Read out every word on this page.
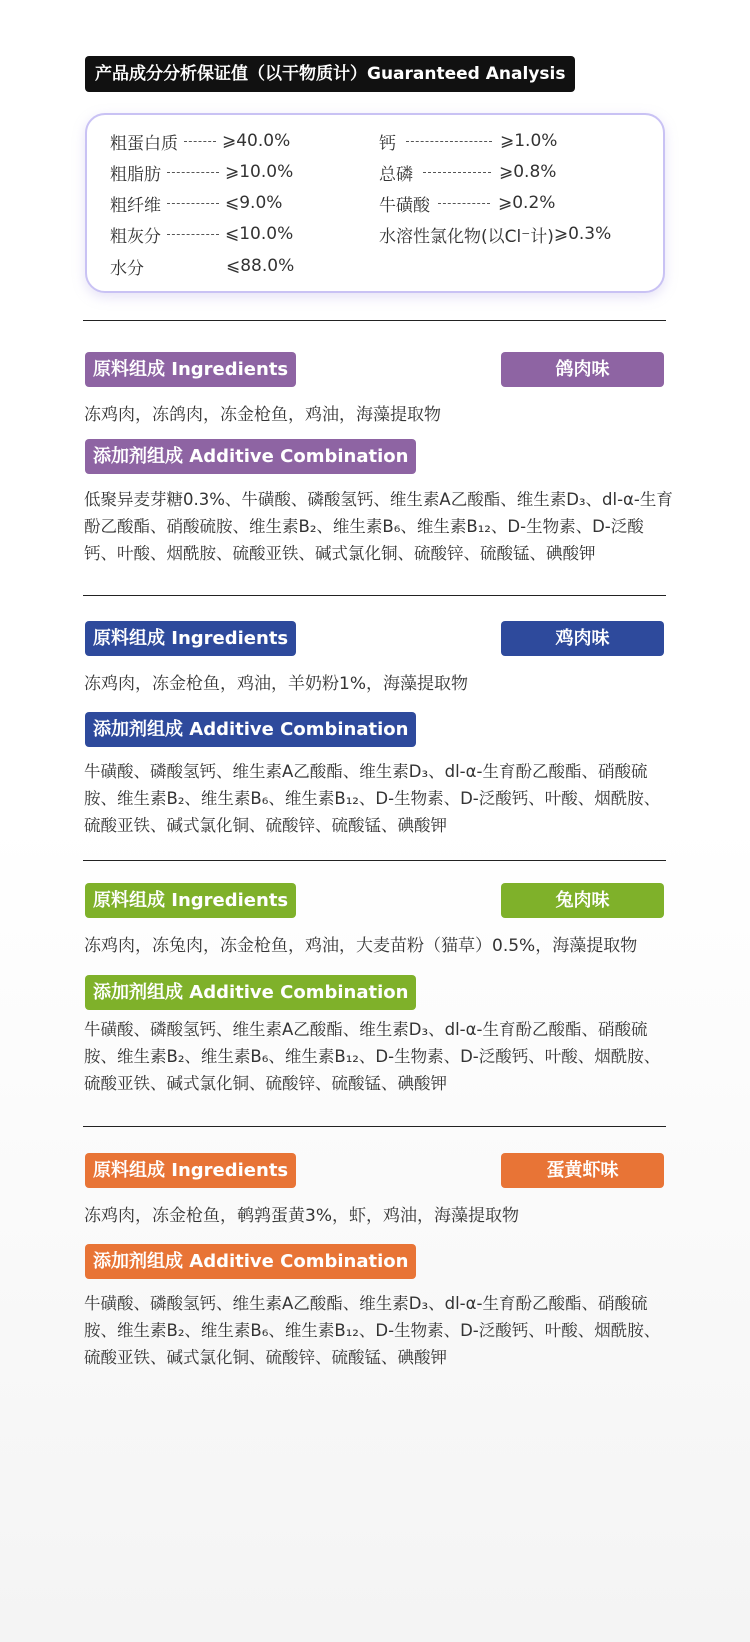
产品成分分析保证值（以干物质计）Guaranteed Analysis
粗蛋白质	⩾40.0%
粗脂肪	⩾10.0%
粗纤维	⩽9.0%
粗灰分	⩽10.0%
水分	⩽88.0%
钙	⩾1.0%
总磷	⩾0.8%
牛磺酸	⩾0.2%
水溶性氯化物(以Cl⁻计) ⩾0.3%
原料组成 Ingredients	鸽肉味
冻鸡肉，冻鸽肉，冻金枪鱼，鸡油，海藻提取物
添加剂组成 Additive Combination
低聚异麦芽糖0.3%、牛磺酸、磷酸氢钙、维生素A乙酸酯、维生素D₃、dl-α-生育酚乙酸酯、硝酸硫胺、维生素B₂、维生素B₆、维生素B₁₂、D-生物素、D-泛酸钙、叶酸、烟酰胺、硫酸亚铁、碱式氯化铜、硫酸锌、硫酸锰、碘酸钾
原料组成 Ingredients	鸡肉味
冻鸡肉，冻金枪鱼，鸡油，羊奶粉1%，海藻提取物
添加剂组成 Additive Combination
牛磺酸、磷酸氢钙、维生素A乙酸酯、维生素D₃、dl-α-生育酚乙酸酯、硝酸硫胺、维生素B₂、维生素B₆、维生素B₁₂、D-生物素、D-泛酸钙、叶酸、烟酰胺、硫酸亚铁、碱式氯化铜、硫酸锌、硫酸锰、碘酸钾
原料组成 Ingredients	兔肉味
冻鸡肉，冻兔肉，冻金枪鱼，鸡油，大麦苗粉（猫草）0.5%，海藻提取物
添加剂组成 Additive Combination
牛磺酸、磷酸氢钙、维生素A乙酸酯、维生素D₃、dl-α-生育酚乙酸酯、硝酸硫胺、维生素B₂、维生素B₆、维生素B₁₂、D-生物素、D-泛酸钙、叶酸、烟酰胺、硫酸亚铁、碱式氯化铜、硫酸锌、硫酸锰、碘酸钾
原料组成 Ingredients	蛋黄虾味
冻鸡肉，冻金枪鱼，鹌鹑蛋黄3%，虾，鸡油，海藻提取物
添加剂组成 Additive Combination
牛磺酸、磷酸氢钙、维生素A乙酸酯、维生素D₃、dl-α-生育酚乙酸酯、硝酸硫胺、维生素B₂、维生素B₆、维生素B₁₂、D-生物素、D-泛酸钙、叶酸、烟酰胺、硫酸亚铁、碱式氯化铜、硫酸锌、硫酸锰、碘酸钾
